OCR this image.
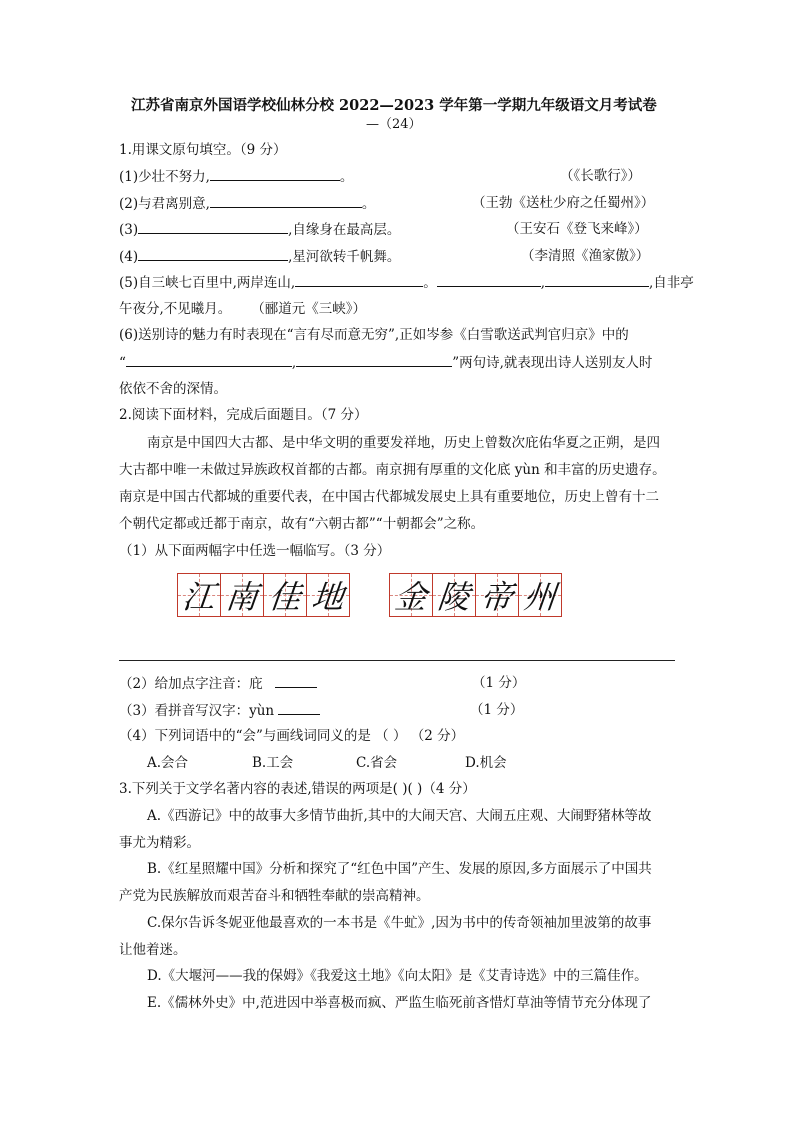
江苏省南京外国语学校仙林分校 2022—2023 学年第一学期九年级语文月考试卷
—（24）
1.用课文原句填空。（9 分）
(1)少壮不努力,	。	（《长歌行》）
(2)与君离别意,	。	（王勃《送杜少府之任蜀州》）
(3)	,自缘身在最高层。	（王安石《登飞来峰》）
(4)	,星河欲转千帆舞。	（李清照《渔家傲》）
(5)自三峡七百里中,两岸连山,	。	,	,自非亭
午夜分,不见曦月。 （郦道元《三峡》）
(6)送别诗的魅力有时表现在“言有尽而意无穷”,正如岑参《白雪歌送武判官归京》中的
“	,	”两句诗,就表现出诗人送别友人时
依依不舍的深情。
2.阅读下面材料，完成后面题目。（7 分）
南京是中国四大古都、是中华文明的重要发祥地，历史上曾数次庇佑华夏之正朔，是四
大古都中唯一未做过异族政权首都的古都。南京拥有厚重的文化底 yùn 和丰富的历史遗存。
南京是中国古代都城的重要代表，在中国古代都城发展史上具有重要地位，历史上曾有十二
个朝代定都或迁都于南京，故有“六朝古都”“十朝都会”之称。
（1）从下面两幅字中任选一幅临写。（3 分）
江 南 佳 地 金 陵 帝 州
（2）给加点字注音：庇	（1 分）
（3）看拼音写汉字：yùn	（1 分）
（4）下列词语中的“会”与画线词同义的是 （ ） （2 分）
A.会合	B.工会	C.省会	D.机会
3.下列关于文学名著内容的表述,错误的两项是( )( )（4 分）
A.《西游记》中的故事大多情节曲折,其中的大闹天宫、大闹五庄观、大闹野猪林等故
事尤为精彩。
B.《红星照耀中国》分析和探究了“红色中国”产生、发展的原因,多方面展示了中国共
产党为民族解放而艰苦奋斗和牺牲奉献的崇高精神。
C.保尔告诉冬妮亚他最喜欢的一本书是《牛虻》,因为书中的传奇领袖加里波第的故事
让他着迷。
D.《大堰河——我的保姆》《我爱这土地》《向太阳》是《艾青诗选》中的三篇佳作。
E.《儒林外史》中,范进因中举喜极而疯、严监生临死前吝惜灯草油等情节充分体现了
